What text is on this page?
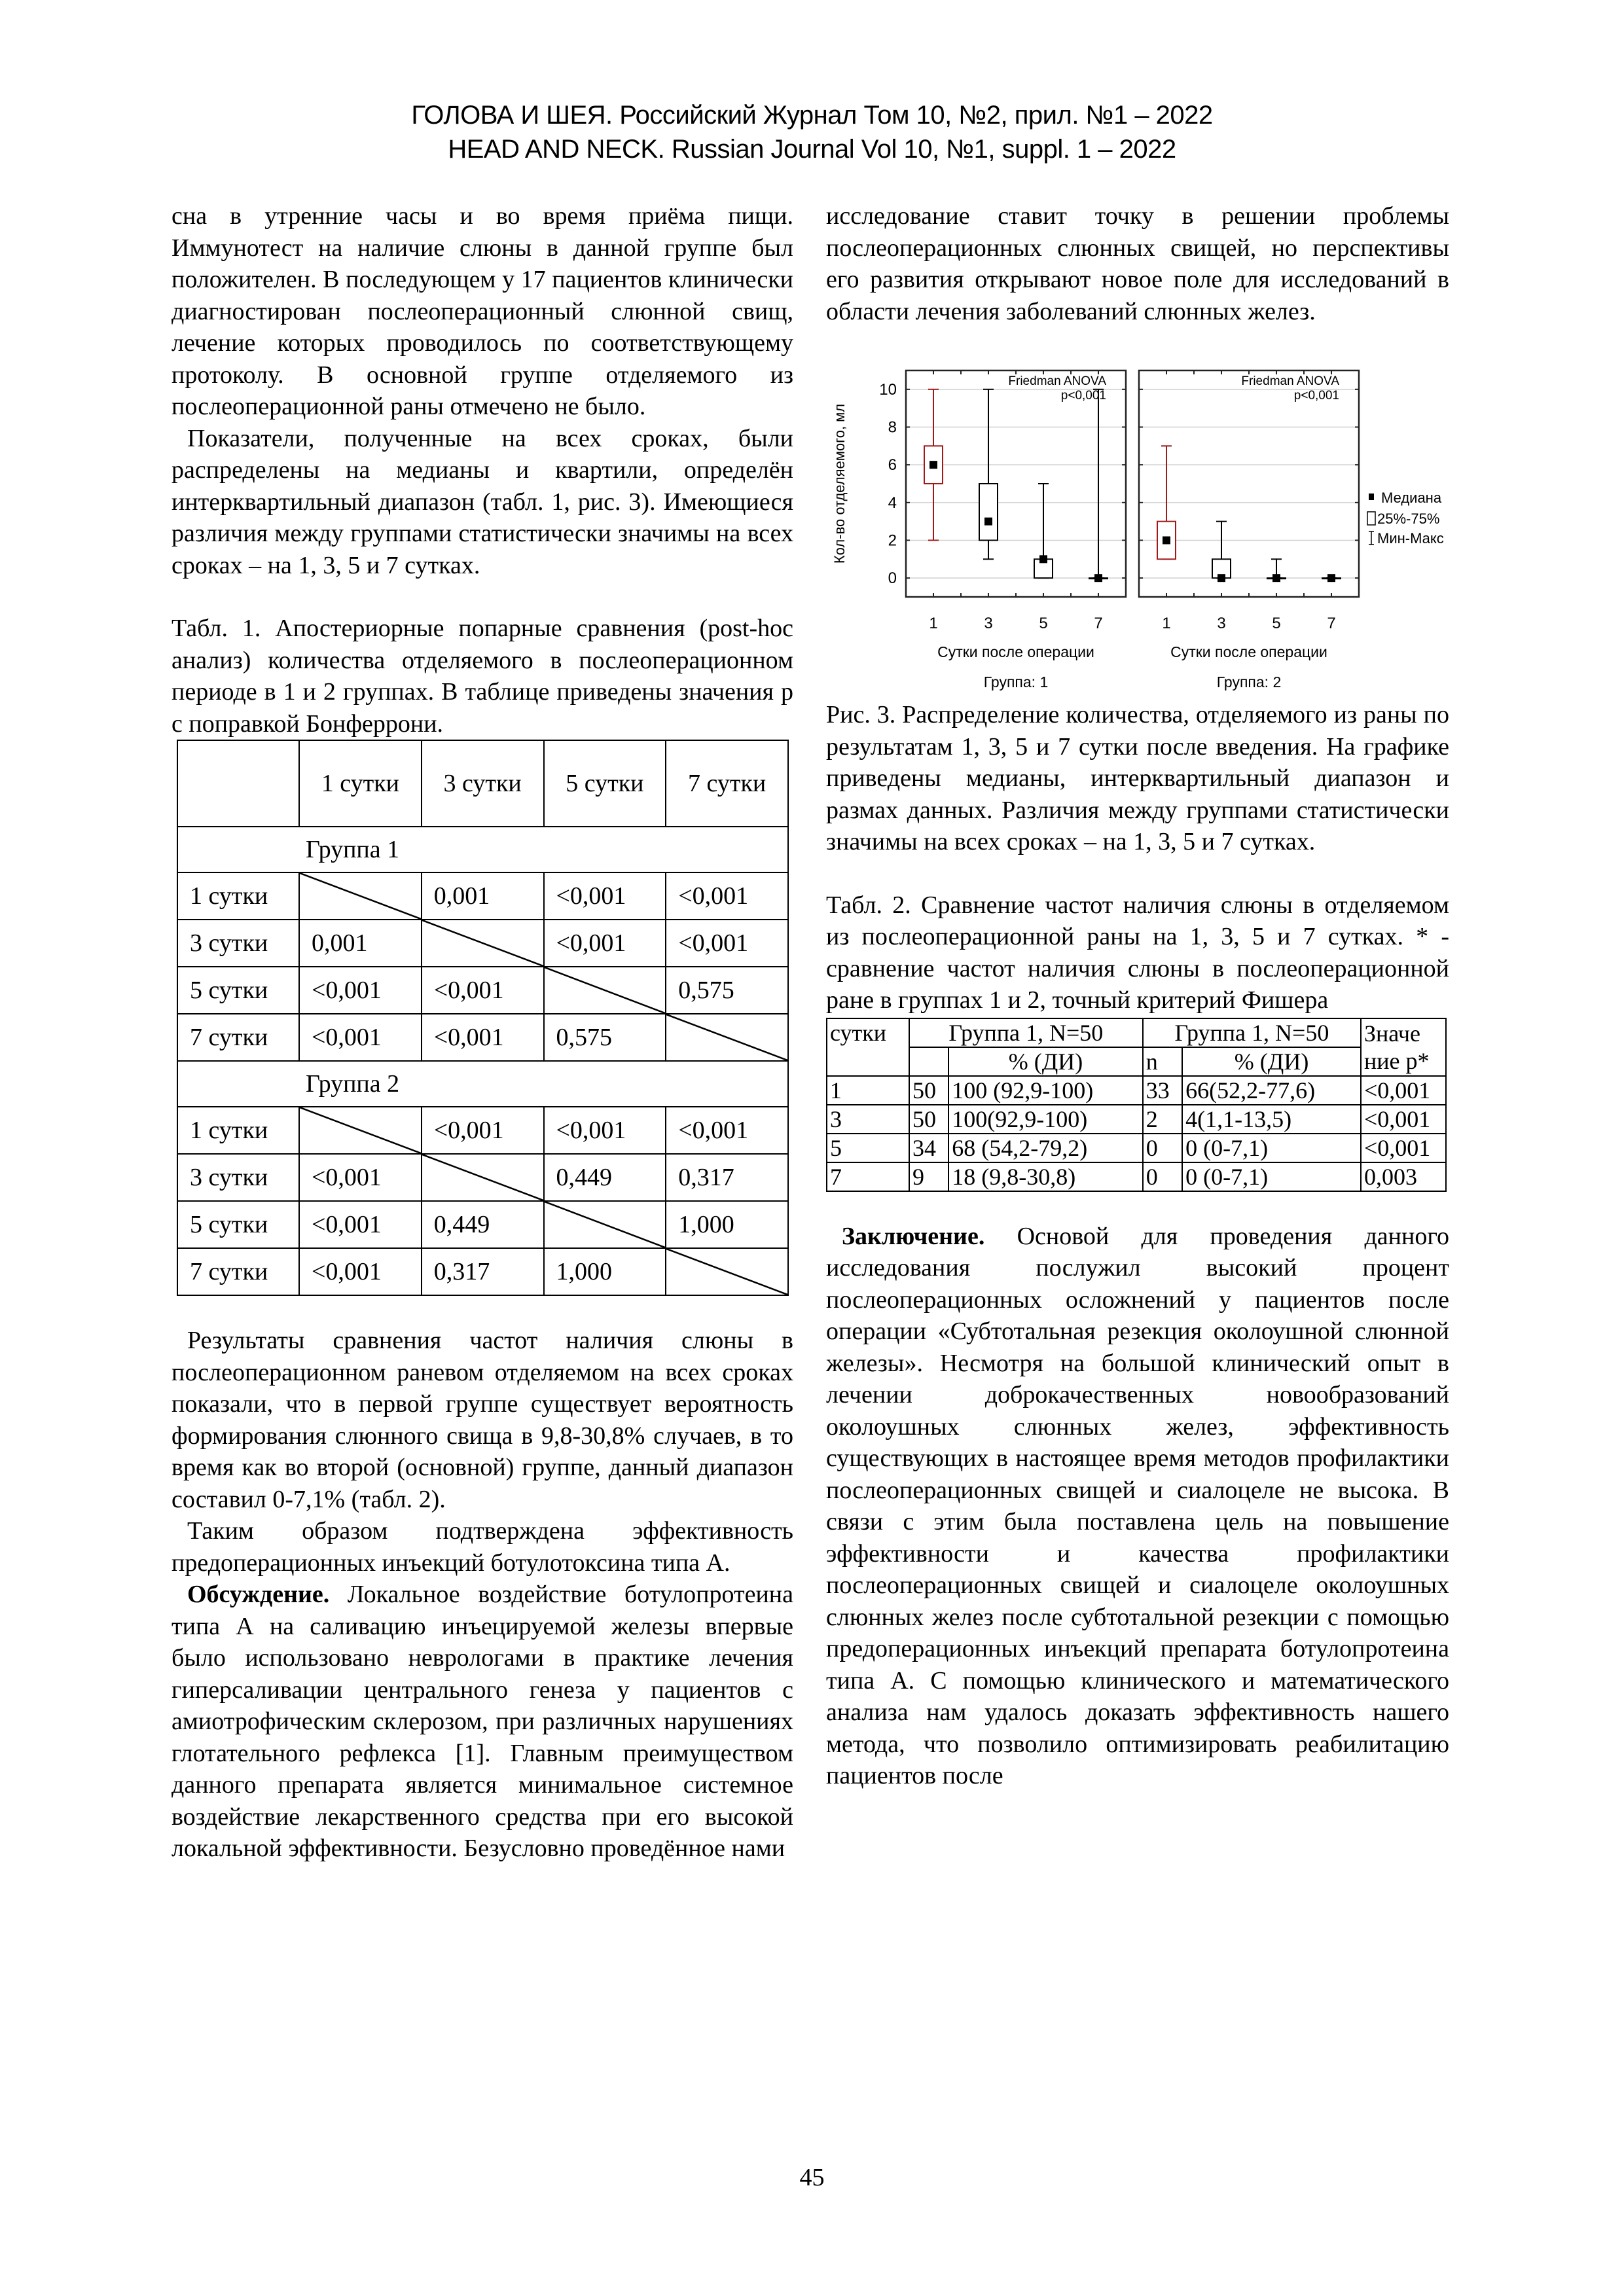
ГОЛОВА И ШЕЯ. Российский Журнал Том 10, №2, прил. №1 – 2022
HEAD AND NECK. Russian Journal Vol 10, №1, suppl. 1 – 2022

сна в утренние часы и во время приёма пищи. Иммунотест на наличие слюны в данной группе был положителен. В последующем у 17 пациентов клинически диагностирован послеоперационный слюнной свищ, лечение которых проводилось по соответствующему протоколу. В основной группе отделяемого из послеоперационной раны отмечено не было.

Показатели, полученные на всех сроках, были распределены на медианы и квартили, определён интерквартильный диапазон (табл. 1, рис. 3). Имеющиеся различия между группами статистически значимы на всех сроках – на 1, 3, 5 и 7 сутках.

Табл. 1. Апостериорные попарные сравнения (post-hoc анализ) количества отделяемого в послеоперационном периоде в 1 и 2 группах. В таблице приведены значения p с поправкой Бонферрони.

	1 сутки	3 сутки	5 сутки	7 сутки
Группа 1				
1 сутки		0,001	<0,001	<0,001
3 сутки	0,001		<0,001	<0,001
5 сутки	<0,001	<0,001		0,575
7 сутки	<0,001	<0,001	0,575	
Группа 2				
1 сутки		<0,001	<0,001	<0,001
3 сутки	<0,001		0,449	0,317
5 сутки	<0,001	0,449		1,000
7 сутки	<0,001	0,317	1,000	

Результаты сравнения частот наличия слюны в послеоперационном раневом отделяемом на всех сроках показали, что в первой группе существует вероятность формирования слюнного свища в 9,8-30,8% случаев, в то время как во второй (основной) группе, данный диапазон составил 0-7,1% (табл. 2).

Таким образом подтверждена эффективность предоперационных инъекций ботулотоксина типа А.

Обсуждение. Локальное воздействие ботулопротеина типа А на саливацию инъецируемой железы впервые было использовано неврологами в практике лечения гиперсаливации центрального генеза у пациентов с амиотрофическим склерозом, при различных нарушениях глотательного рефлекса [1]. Главным преимуществом данного препарата является минимальное системное воздействие лекарственного средства при его высокой локальной эффективности. Безусловно проведённое нами

исследование ставит точку в решении проблемы послеоперационных слюнных свищей, но перспективы его развития открывают новое поле для исследований в области лечения заболеваний слюнных желез.

Кол-во отделяемого, мл
0
2
4
6
8
10	Friedman ANOVA
p<0,001
1	3	5	7
Сутки после операции
Группа: 1
Friedman ANOVA
p<0,001
1	3	5	7
Сутки после операции
Группа: 2
Медиана
25%-75%
Мин-Макс

Рис. 3. Распределение количества, отделяемого из раны по результатам 1, 3, 5 и 7 сутки после введения. На графике приведены медианы, интерквартильный диапазон и размах данных. Различия между группами статистически значимы на всех сроках – на 1, 3, 5 и 7 сутках.

Табл. 2. Сравнение частот наличия слюны в отделяемом из послеоперационной раны на 1, 3, 5 и 7 сутках. * - сравнение частот наличия слюны в послеоперационной ране в группах 1 и 2, точный критерий Фишера

сутки	Группа 1, N=50		Группа 1, N=50		Значе ние р*
		% (ДИ)	n	% (ДИ)	
1	50	100 (92,9-100)	33	66(52,2-77,6)	<0,001
3	50	100(92,9-100)	2	4(1,1-13,5)	<0,001
5	34	68 (54,2-79,2)	0	0 (0-7,1)	<0,001
7	9	18 (9,8-30,8)	0	0 (0-7,1)	0,003

Заключение. Основой для проведения данного исследования послужил высокий процент послеоперационных осложнений у пациентов после операции «Субтотальная резекция околоушной слюнной железы». Несмотря на большой клинический опыт в лечении доброкачественных новообразований околоушных слюнных желез, эффективность существующих в настоящее время методов профилактики послеоперационных свищей и сиалоцеле не высока. В связи с этим была поставлена цель на повышение эффективности и качества профилактики послеоперационных свищей и сиалоцеле околоушных слюнных желез после субтотальной резекции с помощью предоперационных инъекций препарата ботулопротеина типа А. С помощью клинического и математического анализа нам удалось доказать эффективность нашего метода, что позволило оптимизировать реабилитацию пациентов после

45
